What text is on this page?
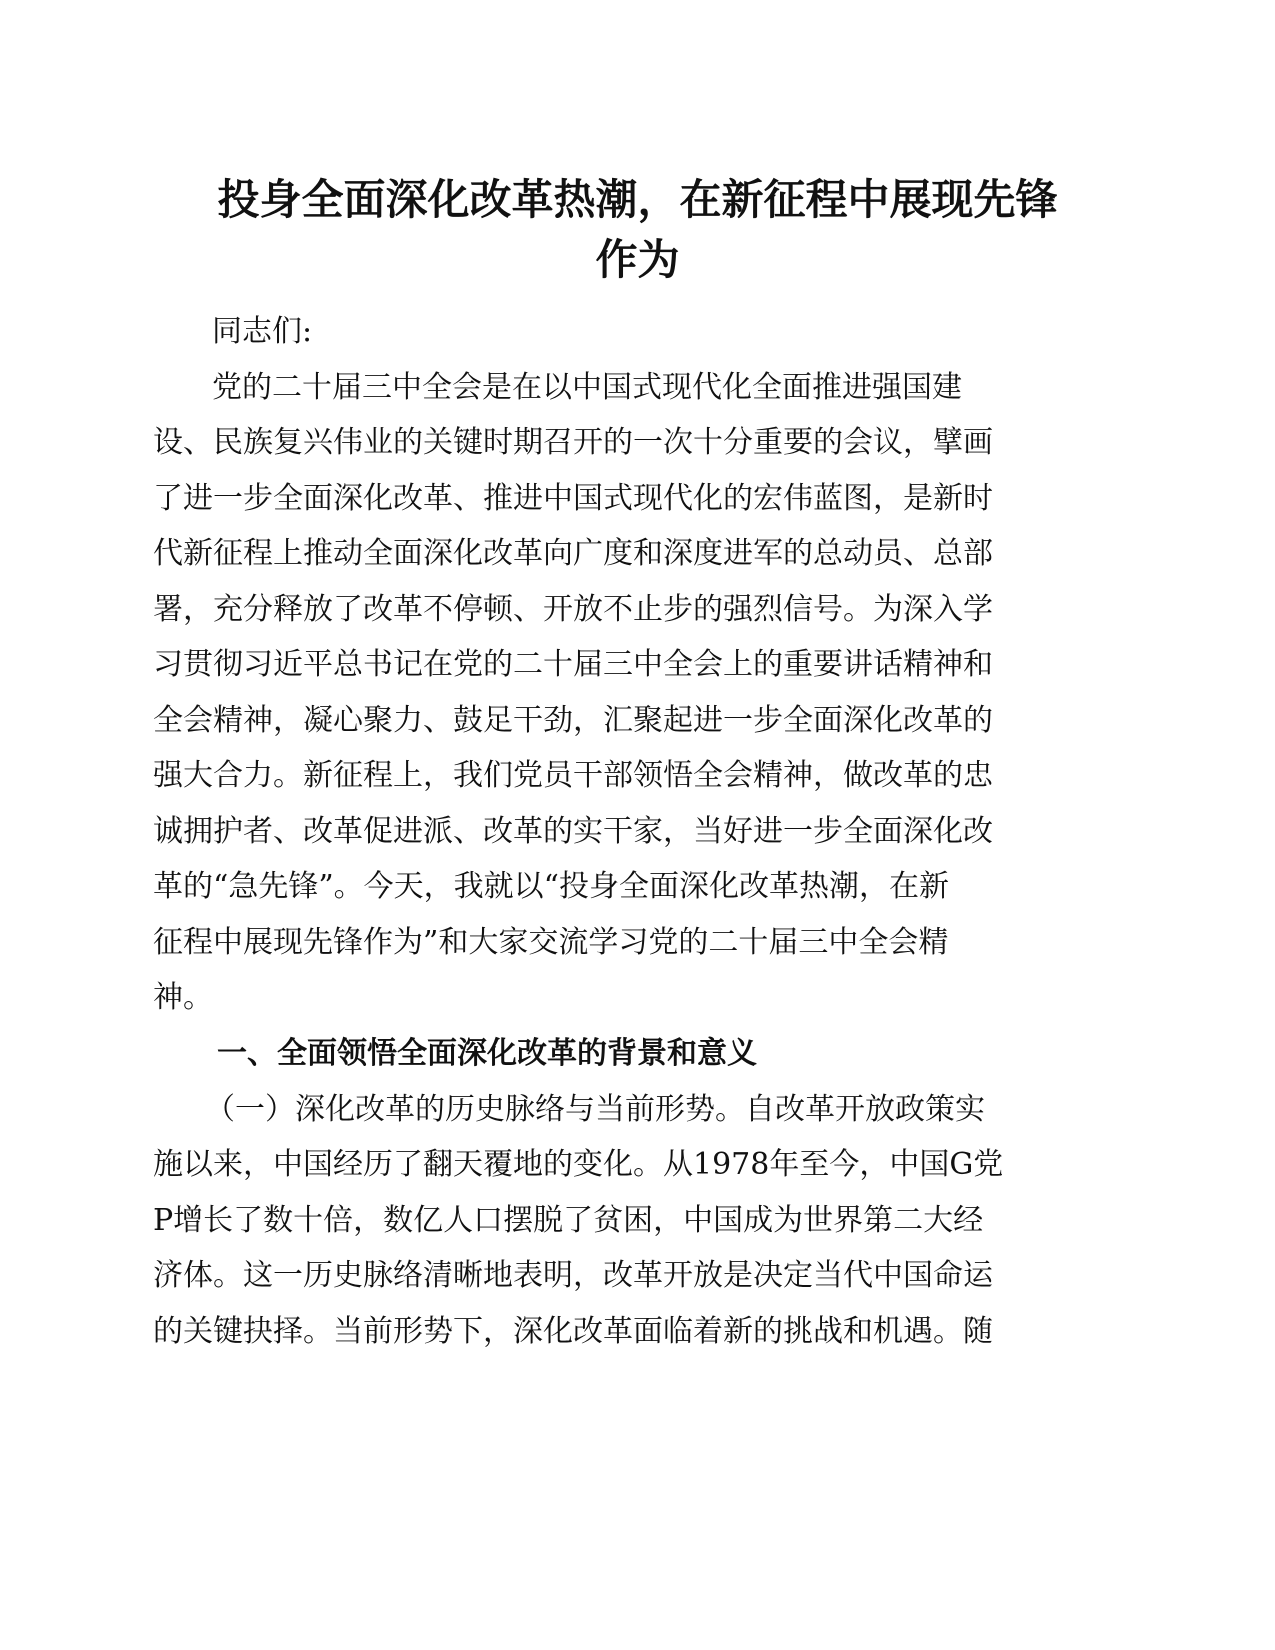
投身全面深化改革热潮，在新征程中展现先锋
作为

同志们:

党的二十届三中全会是在以中国式现代化全面推进强国建

设、民族复兴伟业的关键时期召开的一次十分重要的会议，擘画

了进一步全面深化改革、推进中国式现代化的宏伟蓝图，是新时

代新征程上推动全面深化改革向广度和深度进军的总动员、总部

署，充分释放了改革不停顿、开放不止步的强烈信号。为深入学

习贯彻习近平总书记在党的二十届三中全会上的重要讲话精神和

全会精神，凝心聚力、鼓足干劲，汇聚起进一步全面深化改革的

强大合力。新征程上，我们党员干部领悟全会精神，做改革的忠

诚拥护者、改革促进派、改革的实干家，当好进一步全面深化改

革的“急先锋”。今天，我就以“投身全面深化改革热潮，在新

征程中展现先锋作为”和大家交流学习党的二十届三中全会精

神。

一、全面领悟全面深化改革的背景和意义

（一）深化改革的历史脉络与当前形势。自改革开放政策实

施以来，中国经历了翻天覆地的变化。从1978年至今，中国G党

P增长了数十倍，数亿人口摆脱了贫困，中国成为世界第二大经

济体。这一历史脉络清晰地表明，改革开放是决定当代中国命运

的关键抉择。当前形势下，深化改革面临着新的挑战和机遇。随
